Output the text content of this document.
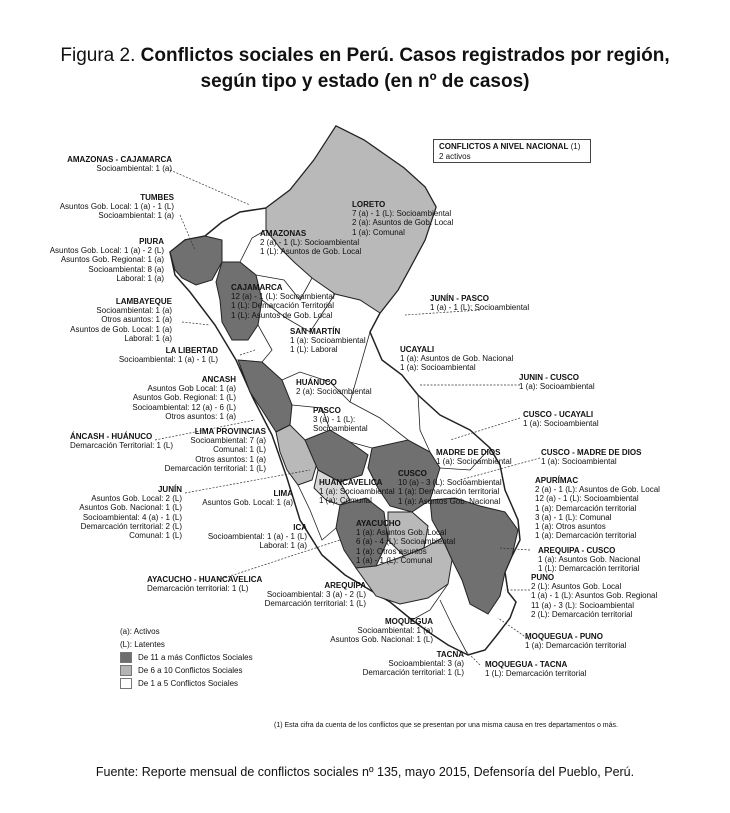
Figura 2. Conflictos sociales en Perú. Casos registrados por región,
según tipo y estado (en nº de casos)
CONFLICTOS A NIVEL NACIONAL (1)
2 activos
AMAZONAS - CAJAMARCA
Socioambiental: 1 (a)
TUMBES
Asuntos Gob. Local: 1 (a) - 1 (L)
Socioambiental: 1 (a)
PIURA
Asuntos Gob. Local: 1 (a) - 2 (L)
Asuntos Gob. Regional: 1 (a)
Socioambiental: 8 (a)
Laboral: 1 (a)
LAMBAYEQUE
Socioambiental: 1 (a)
Otros asuntos: 1 (a)
Asuntos de Gob. Local: 1 (a)
Laboral: 1 (a)
LA LIBERTAD
Socioambiental: 1 (a) - 1 (L)
ANCASH
Asuntos Gob Local: 1 (a)
Asuntos Gob. Regional: 1 (L)
Socioambiental: 12 (a) - 6 (L)
Otros asuntos: 1 (a)
ÁNCASH - HUÁNUCO
Demarcación Territorial: 1 (L)
LIMA PROVINCIAS
Socioambiental: 7 (a)
Comunal: 1 (L)
Otros asuntos: 1 (a)
Demarcación territorial: 1 (L)
JUNÍN
Asuntos Gob. Local: 2 (L)
Asuntos Gob. Nacional: 1 (L)
Socioambiental: 4 (a) - 1 (L)
Demarcación territorial: 2 (L)
Comunal: 1 (L)
LIMA
Asuntos Gob. Local: 1 (a)
ICA
Socioambiental: 1 (a) - 1 (L)
Laboral: 1 (a)
AYACUCHO - HUANCAVELICA
Demarcación territorial: 1 (L)	AREQUIPA
Socioambiental: 3 (a) - 2 (L)
Demarcación territorial: 1 (L)
MOQUEGUA
Socioambiental: 1 (a)
Asuntos Gob. Nacional: 1 (L)
TACNA
Socioambiental: 3 (a)
Demarcación territorial: 1 (L)
MOQUEGUA - TACNA
1 (L): Demarcación territorial
MOQUEGUA - PUNO
1 (a): Demarcación territorial
PUNO
2 (L): Asuntos Gob. Local
1 (a) - 1 (L): Asuntos Gob. Regional
11 (a) - 3 (L): Socioambiental
2 (L): Demarcación territorial
AREQUIPA - CUSCO
1 (a): Asuntos Gob. Nacional
1 (L): Demarcación territorial
APURÍMAC
2 (a) - 1 (L): Asuntos de Gob. Local
12 (a) - 1 (L): Socioambiental
1 (a): Demarcación territorial
3 (a) - 1 (L): Comunal
1 (a): Otros asuntos
1 (a): Demarcación territorial
CUSCO - MADRE DE DIOS
1 (a): Socioambiental
CUSCO - UCAYALI
1 (a): Socioambiental
JUNIN - CUSCO
1 (a): Socioambiental
UCAYALI
1 (a): Asuntos de Gob. Nacional
1 (a): Socioambiental
JUNÍN - PASCO
1 (a) - 1 (L): Socioambiental
LORETO
7 (a) - 1 (L): Socioambiental
2 (a): Asuntos de Gob. Local
1 (a): Comunal
AMAZONAS
2 (a) - 1 (L): Socioambiental
1 (L): Asuntos de Gob. Local
CAJAMARCA
12 (a) - 1 (L): Socioambiental
1 (L): Demarcación Territorial
1 (L): Asuntos de Gob. Local
SAN MARTÍN
1 (a): Socioambiental
1 (L): Laboral
HUÁNUCO
2 (a): Socioambiental
PASCO
3 (a) - 1 (L):
Socioambiental
HUANCAVELICA
1 (a): Socioambiental
1 (a): Comunal
CUSCO
10 (a) - 3 (L): Socioambiental
1 (a): Demarcación territorial
1 (a): Asuntos Gob. Nacional
AYACUCHO
1 (a): Asuntos Gob. Local
6 (a) - 4 (L): Socioambiental
1 (a): Otros asuntos
1 (a) - 1 (L): Comunal
MADRE DE DIOS
1 (a): Socioambiental
(a): Activos
(L): Latentes
De 11 a más Conflictos Sociales
De 6 a 10 Conflictos Sociales
De 1 a 5 Conflictos Sociales
(1) Esta cifra da cuenta de los conflictos que se presentan por una misma causa en tres departamentos o más.
Fuente: Reporte mensual de conflictos sociales nº 135, mayo 2015, Defensoría del Pueblo, Perú.
